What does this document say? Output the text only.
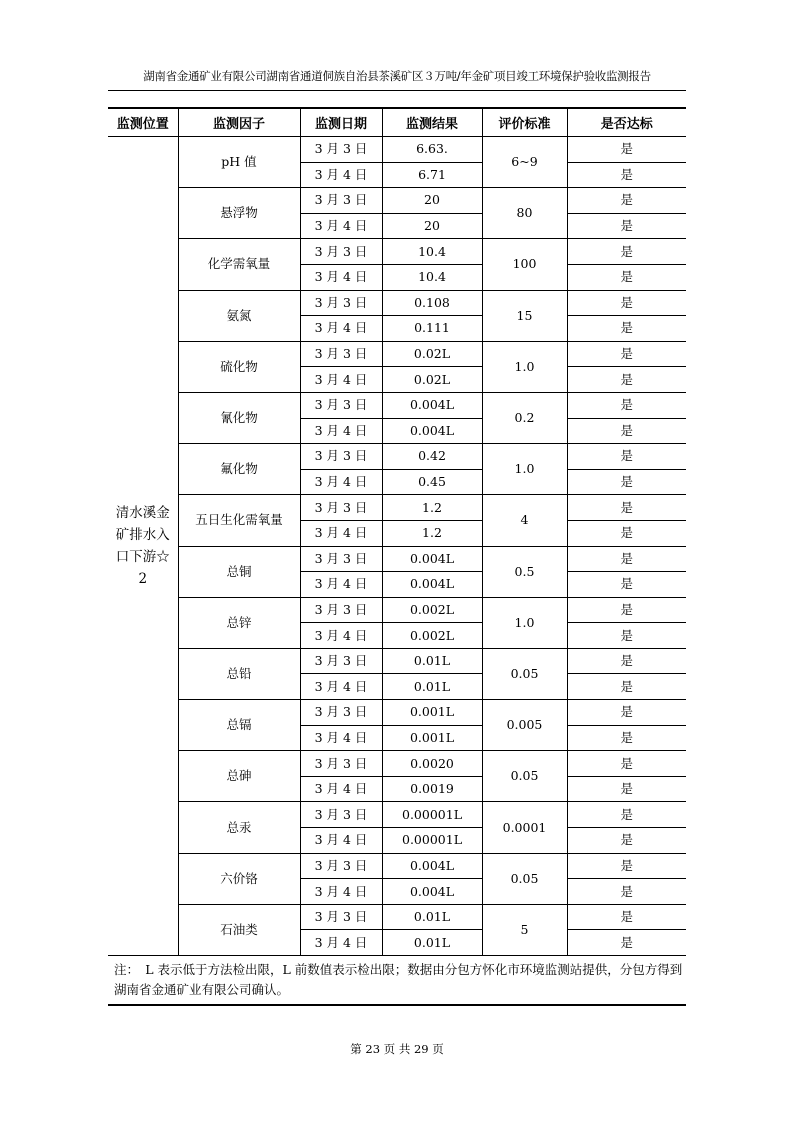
湖南省金通矿业有限公司湖南省通道侗族自治县茶溪矿区３万吨/年金矿项目竣工环境保护验收监测报告
监测位置	监测因子	监测日期	监测结果	评价标准	是否达标
清水溪金矿排水入口下游☆2	pH 值	3 月 3 日	6.63.	6~9	是
		3 月 4 日	6.71		是
	悬浮物	3 月 3 日	20	80	是
		3 月 4 日	20		是
	化学需氧量	3 月 3 日	10.4	100	是
		3 月 4 日	10.4		是
	氨氮	3 月 3 日	0.108	15	是
		3 月 4 日	0.111		是
	硫化物	3 月 3 日	0.02L	1.0	是
		3 月 4 日	0.02L		是
	氰化物	3 月 3 日	0.004L	0.2	是
		3 月 4 日	0.004L		是
	氟化物	3 月 3 日	0.42	1.0	是
		3 月 4 日	0.45		是
	五日生化需氧量	3 月 3 日	1.2	4	是
		3 月 4 日	1.2		是
	总铜	3 月 3 日	0.004L	0.5	是
		3 月 4 日	0.004L		是
	总锌	3 月 3 日	0.002L	1.0	是
		3 月 4 日	0.002L		是
	总铅	3 月 3 日	0.01L	0.05	是
		3 月 4 日	0.01L		是
	总镉	3 月 3 日	0.001L	0.005	是
		3 月 4 日	0.001L		是
	总砷	3 月 3 日	0.0020	0.05	是
		3 月 4 日	0.0019		是
	总汞	3 月 3 日	0.00001L	0.0001	是
		3 月 4 日	0.00001L		是
	六价铬	3 月 3 日	0.004L	0.05	是
		3 月 4 日	0.004L		是
	石油类	3 月 3 日	0.01L	5	是
		3 月 4 日	0.01L		是
注：　L 表示低于方法检出限，L 前数值表示检出限；数据由分包方怀化市环境监测站提供，分包方得到湖南省金通矿业有限公司确认。					
第 23 页 共 29 页
